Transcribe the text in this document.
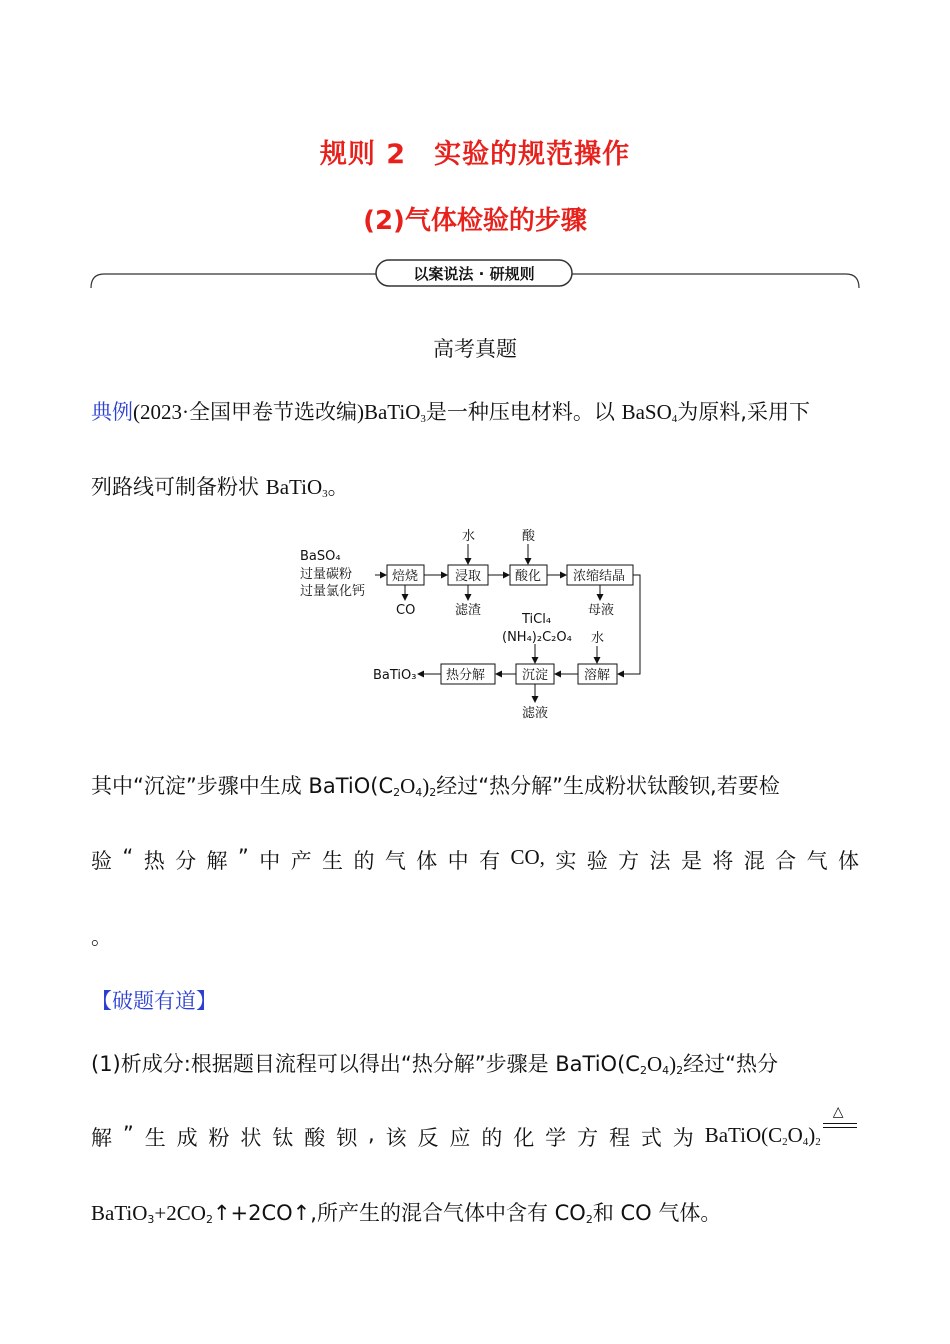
规则 2　实验的规范操作
(2)气体检验的步骤
以案说法 · 研规则
高考真题
典例(2023·全国甲卷节选改编)BaTiO$_3$是一种压电材料。以 BaSO$_4$为原料,采用下
列路线可制备粉状 BaTiO$_3$。
BaSO₄
过量碳粉
过量氯化钙
焙烧	浸取	酸化 浓缩结晶
溶解
沉淀
热分解
水	酸
水
TiCl₄
(NH₄)₂C₂O₄
CO	滤渣	母液
滤液
BaTiO₃
其中“沉淀”步骤中生成 $BaTiO(C_2O_4)_2$经过“热分解”生成粉状钛酸钡,若要检
验 “ 热 分 解 ” 中 产 生 的 气 体 中 有 CO, 实 验 方 法 是 将 混 合 气 体
。
【破题有道】
(1)析成分:根据题目流程可以得出“热分解”步骤是 $BaTiO(C_2O_4)_2$经过“热分
解 ” 生 成 粉 状 钛 酸 钡 , 该 反 应 的 化 学 方 程 式 为 $BaTiO(C_2O_4)_2$
△
$BaTiO_3+2CO_2↑+2CO↑$,所产生的混合气体中含有 $CO_2$和 CO 气体。
